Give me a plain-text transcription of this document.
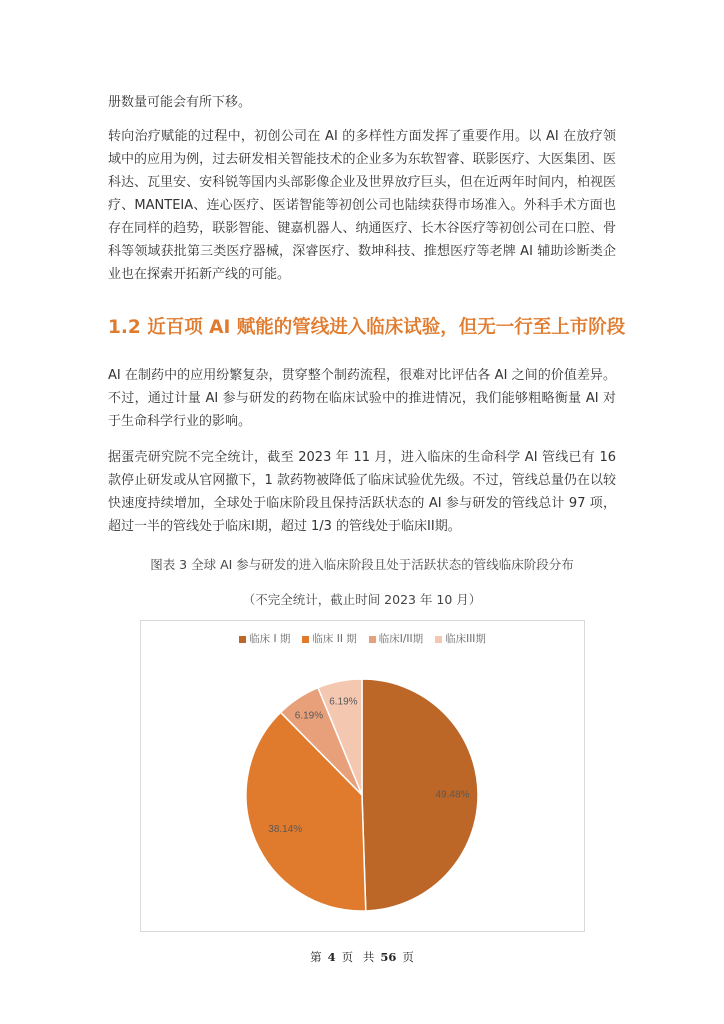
册数量可能会有所下移。

转向治疗赋能的过程中，初创公司在 AI 的多样性方面发挥了重要作用。以 AI 在放疗领域中的应用为例，过去研发相关智能技术的企业多为东软智睿、联影医疗、大医集团、医科达、瓦里安、安科锐等国内头部影像企业及世界放疗巨头，但在近两年时间内，柏视医疗、MANTEIA、连心医疗、医诺智能等初创公司也陆续获得市场准入。外科手术方面也存在同样的趋势，联影智能、键嘉机器人、纳通医疗、长木谷医疗等初创公司在口腔、骨科等领域获批第三类医疗器械，深睿医疗、数坤科技、推想医疗等老牌 AI 辅助诊断类企业也在探索开拓新产线的可能。

1.2 近百项 AI 赋能的管线进入临床试验，但无一行至上市阶段

AI 在制药中的应用纷繁复杂，贯穿整个制药流程，很难对比评估各 AI 之间的价值差异。不过，通过计量 AI 参与研发的药物在临床试验中的推进情况，我们能够粗略衡量 AI 对于生命科学行业的影响。

据蛋壳研究院不完全统计，截至 2023 年 11 月，进入临床的生命科学 AI 管线已有 16 款停止研发或从官网撤下，1 款药物被降低了临床试验优先级。不过，管线总量仍在以较快速度持续增加，全球处于临床阶段且保持活跃状态的 AI 参与研发的管线总计 97 项，超过一半的管线处于临床I期，超过 1/3 的管线处于临床II期。

图表 3 全球 AI 参与研发的进入临床阶段且处于活跃状态的管线临床阶段分布

（不完全统计，截止时间 2023 年 10 月）

临床 I 期 临床 II 期 临床I/II期 临床III期
49.48%
38.14%
6.19%
6.19%
第 4 页 共 56 页
